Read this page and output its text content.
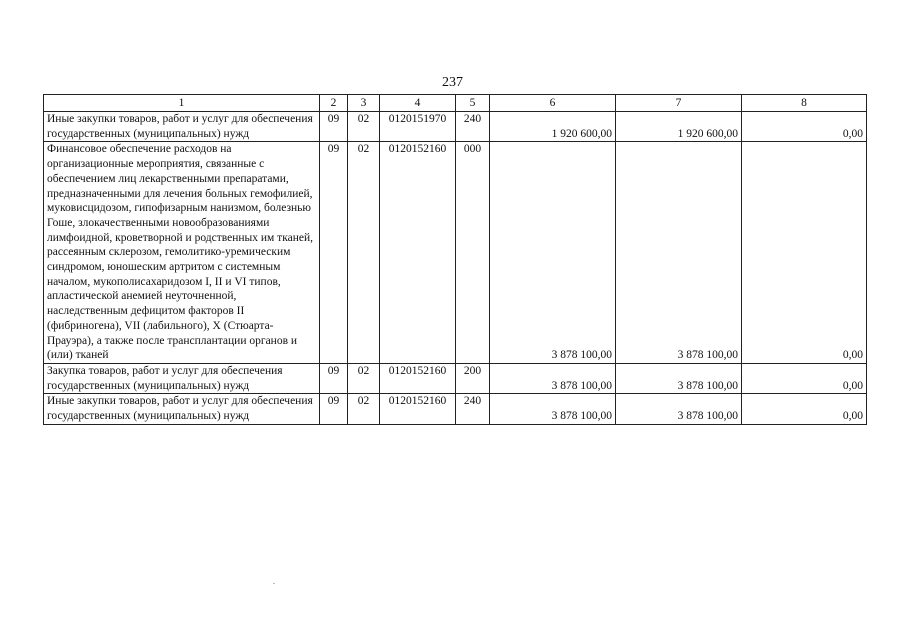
237
1	2	3	4	5	6	7	8
Иные закупки товаров, работ и услуг для обеспечения государственных (муниципальных) нужд	09	02	0120151970	240	1 920 600,00	1 920 600,00	0,00
Финансовое обеспечение расходов на организационные мероприятия, связанные с обеспечением лиц лекарственными препаратами, предназначенными для лечения больных гемофилией, муковисцидозом, гипофизарным нанизмом, болезнью Гоше, злокачественными новообразованиями лимфоидной, кроветворной и родственных им тканей, рассеянным склерозом, гемолитико-уремическим синдромом, юношеским артритом с системным началом, мукополисахаридозом I, II и VI типов, апластической анемией неуточненной, наследственным дефицитом факторов II (фибриногена), VII (лабильного), X (Стюарта-Прауэра), а также после трансплантации органов и (или) тканей	09	02	0120152160	000	3 878 100,00	3 878 100,00	0,00
Закупка товаров, работ и услуг для обеспечения государственных (муниципальных) нужд	09	02	0120152160	200	3 878 100,00	3 878 100,00	0,00
Иные закупки товаров, работ и услуг для обеспечения государственных (муниципальных) нужд	09	02	0120152160	240	3 878 100,00	3 878 100,00	0,00
